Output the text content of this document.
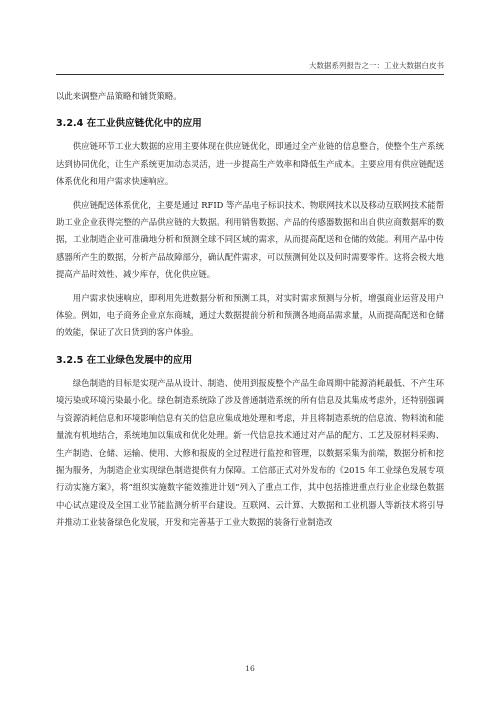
大数据系列报告之一：工业大数据白皮书

以此来调整产品策略和铺货策略。

3.2.4 在工业供应链优化中的应用

供应链环节工业大数据的应用主要体现在供应链优化，即通过全产业链的信息整合，使整个生产系统达到协同优化，让生产系统更加动态灵活，进一步提高生产效率和降低生产成本。主要应用有供应链配送体系优化和用户需求快速响应。

供应链配送体系优化，主要是通过 RFID 等产品电子标识技术、物联网技术以及移动互联网技术能帮助工业企业获得完整的产品供应链的大数据。利用销售数据、产品的传感器数据和出自供应商数据库的数据，工业制造企业可准确地分析和预测全球不同区域的需求，从而提高配送和仓储的效能。利用产品中传感器所产生的数据，分析产品故障部分，确认配件需求，可以预测何处以及何时需要零件。这将会极大地提高产品时效性、减少库存，优化供应链。

用户需求快速响应，即利用先进数据分析和预测工具，对实时需求预测与分析，增强商业运营及用户体验。例如，电子商务企业京东商城，通过大数据提前分析和预测各地商品需求量，从而提高配送和仓储的效能，保证了次日货到的客户体验。

3.2.5 在工业绿色发展中的应用

绿色制造的目标是实现产品从设计、制造、使用到报废整个产品生命周期中能源消耗最低、不产生环境污染或环境污染最小化。绿色制造系统除了涉及普通制造系统的所有信息及其集成考虑外，还特别强调与资源消耗信息和环境影响信息有关的信息应集成地处理和考虑，并且将制造系统的信息流、物料流和能量流有机地结合，系统地加以集成和优化处理。新一代信息技术通过对产品的配方、工艺及原材料采购、生产制造、仓储、运输、使用、大修和报废的全过程进行监控和管理，以数据采集为前端，数据分析和挖掘为服务，为制造企业实现绿色制造提供有力保障。工信部正式对外发布的《2015 年工业绿色发展专项行动实施方案》，将“组织实施数字能效推进计划”列入了重点工作，其中包括推进重点行业企业绿色数据中心试点建设及全国工业节能监测分析平台建设。互联网、云计算、大数据和工业机器人等新技术将引导并推动工业装备绿色化发展，开发和完善基于工业大数据的装备行业制造改

16
